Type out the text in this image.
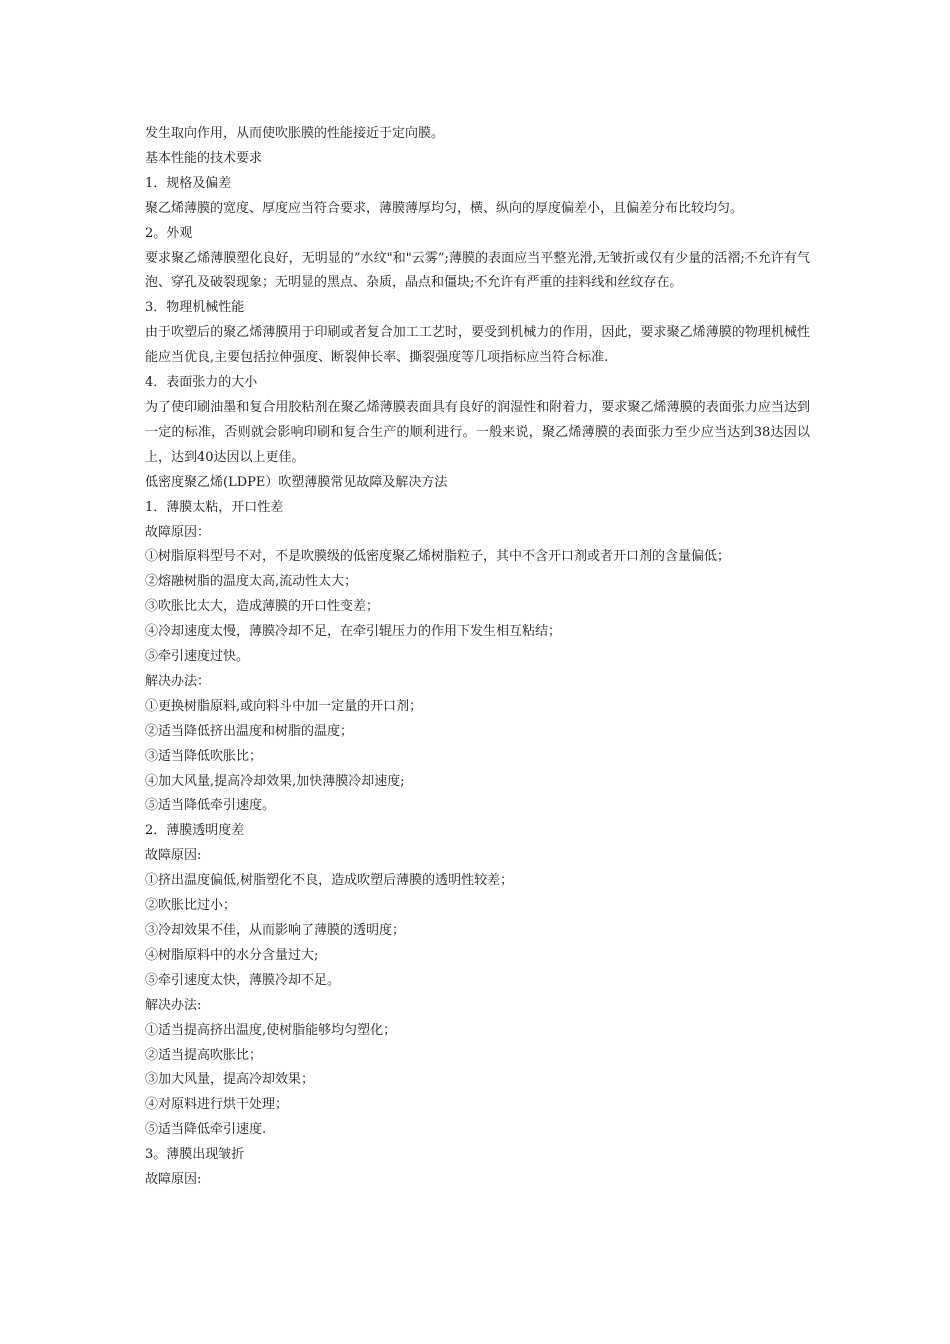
发生取向作用，从而使吹胀膜的性能接近于定向膜。

基本性能的技术要求

1．规格及偏差

聚乙烯薄膜的宽度、厚度应当符合要求，薄膜薄厚均匀，横、纵向的厚度偏差小，且偏差分布比较均匀。

2。外观

要求聚乙烯薄膜塑化良好，无明显的”水纹"和"云雾”;薄膜的表面应当平整光滑,无皱折或仅有少量的活褶;不允许有气泡、穿孔及破裂现象；无明显的黑点、杂质，晶点和僵块;不允许有严重的挂料线和丝纹存在。

3．物理机械性能

由于吹塑后的聚乙烯薄膜用于印刷或者复合加工工艺时，要受到机械力的作用，因此，要求聚乙烯薄膜的物理机械性能应当优良,主要包括拉伸强度、断裂伸长率、撕裂强度等几项指标应当符合标准.

4．表面张力的大小

为了使印刷油墨和复合用胶粘剂在聚乙烯薄膜表面具有良好的润湿性和附着力，要求聚乙烯薄膜的表面张力应当达到一定的标准，否则就会影响印刷和复合生产的顺利进行。一般来说，聚乙烯薄膜的表面张力至少应当达到38达因以上，达到40达因以上更佳。

低密度聚乙烯(LDPE）吹塑薄膜常见故障及解决方法

1．薄膜太粘，开口性差

故障原因：

①树脂原料型号不对，不是吹膜级的低密度聚乙烯树脂粒子，其中不含开口剂或者开口剂的含量偏低；

②熔融树脂的温度太高,流动性太大；

③吹胀比太大，造成薄膜的开口性变差；

④冷却速度太慢，薄膜冷却不足，在牵引辊压力的作用下发生相互粘结；

⑤牵引速度过快。

解决办法：

①更换树脂原料,或向料斗中加一定量的开口剂；

②适当降低挤出温度和树脂的温度；

③适当降低吹胀比；

④加大风量,提高冷却效果,加快薄膜冷却速度;

⑤适当降低牵引速度。

2．薄膜透明度差

故障原因:

①挤出温度偏低,树脂塑化不良，造成吹塑后薄膜的透明性较差；

②吹胀比过小；

③冷却效果不佳，从而影响了薄膜的透明度；

④树脂原料中的水分含量过大;

⑤牵引速度太快，薄膜冷却不足。

解决办法:

①适当提高挤出温度,使树脂能够均匀塑化；

②适当提高吹胀比；

③加大风量，提高冷却效果；

④对原料进行烘干处理；

⑤适当降低牵引速度.

3。薄膜出现皱折

故障原因:
